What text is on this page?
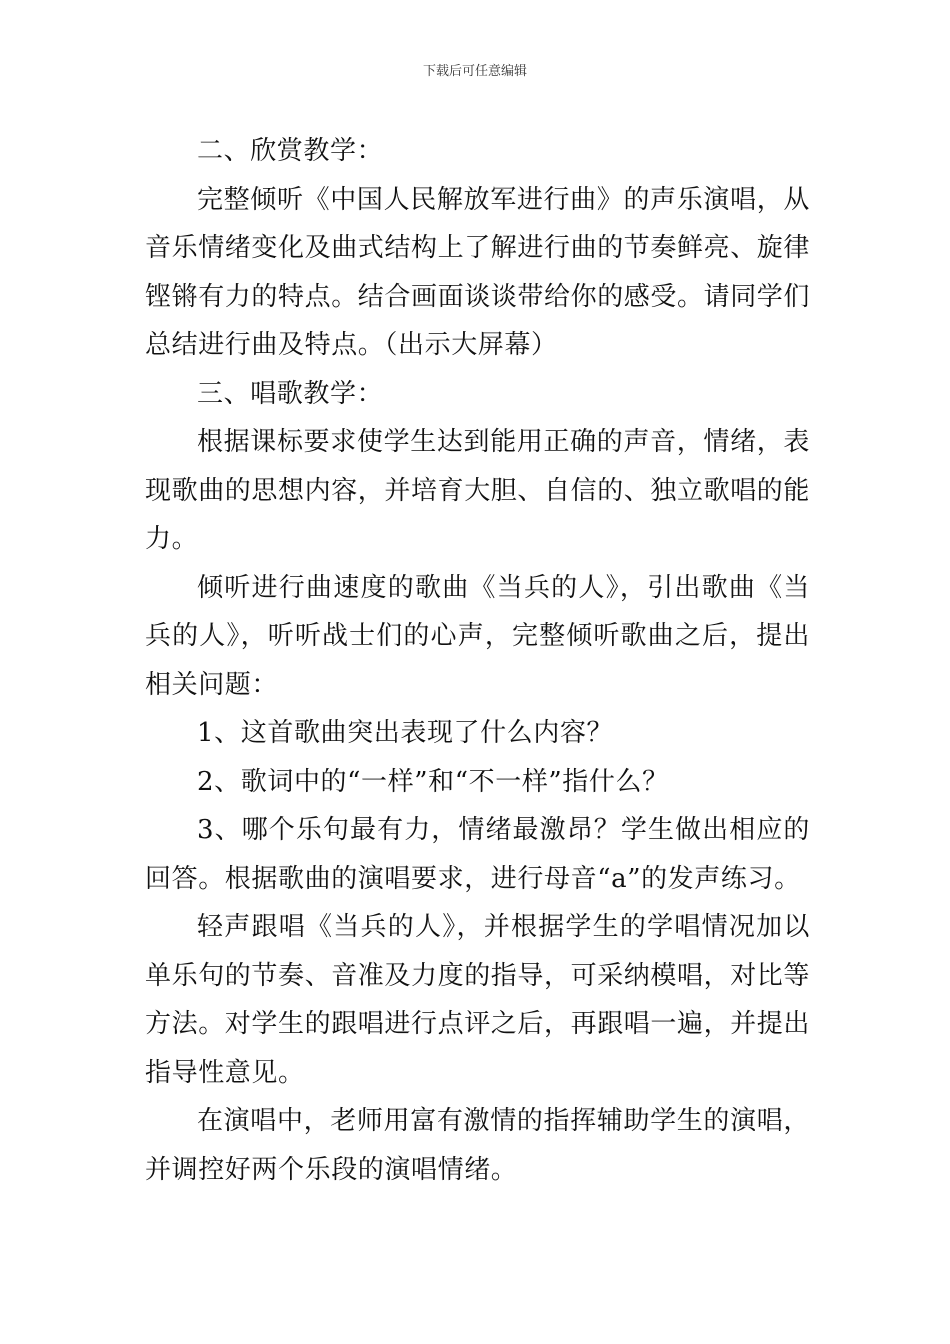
下载后可任意编辑

二、欣赏教学：

完整倾听《中国人民解放军进行曲》的声乐演唱，从音乐情绪变化及曲式结构上了解进行曲的节奏鲜亮、旋律铿锵有力的特点。结合画面谈谈带给你的感受。请同学们总结进行曲及特点。（出示大屏幕）

三、唱歌教学：

根据课标要求使学生达到能用正确的声音，情绪，表现歌曲的思想内容，并培育大胆、自信的、独立歌唱的能力。

倾听进行曲速度的歌曲《当兵的人》，引出歌曲《当兵的人》，听听战士们的心声，完整倾听歌曲之后，提出相关问题：

1、这首歌曲突出表现了什么内容？

2、歌词中的“一样”和“不一样”指什么？

3、哪个乐句最有力，情绪最激昂？学生做出相应的回答。根据歌曲的演唱要求，进行母音“a”的发声练习。

轻声跟唱《当兵的人》，并根据学生的学唱情况加以单乐句的节奏、音准及力度的指导，可采纳模唱，对比等方法。对学生的跟唱进行点评之后，再跟唱一遍，并提出指导性意见。

在演唱中，老师用富有激情的指挥辅助学生的演唱，并调控好两个乐段的演唱情绪。
